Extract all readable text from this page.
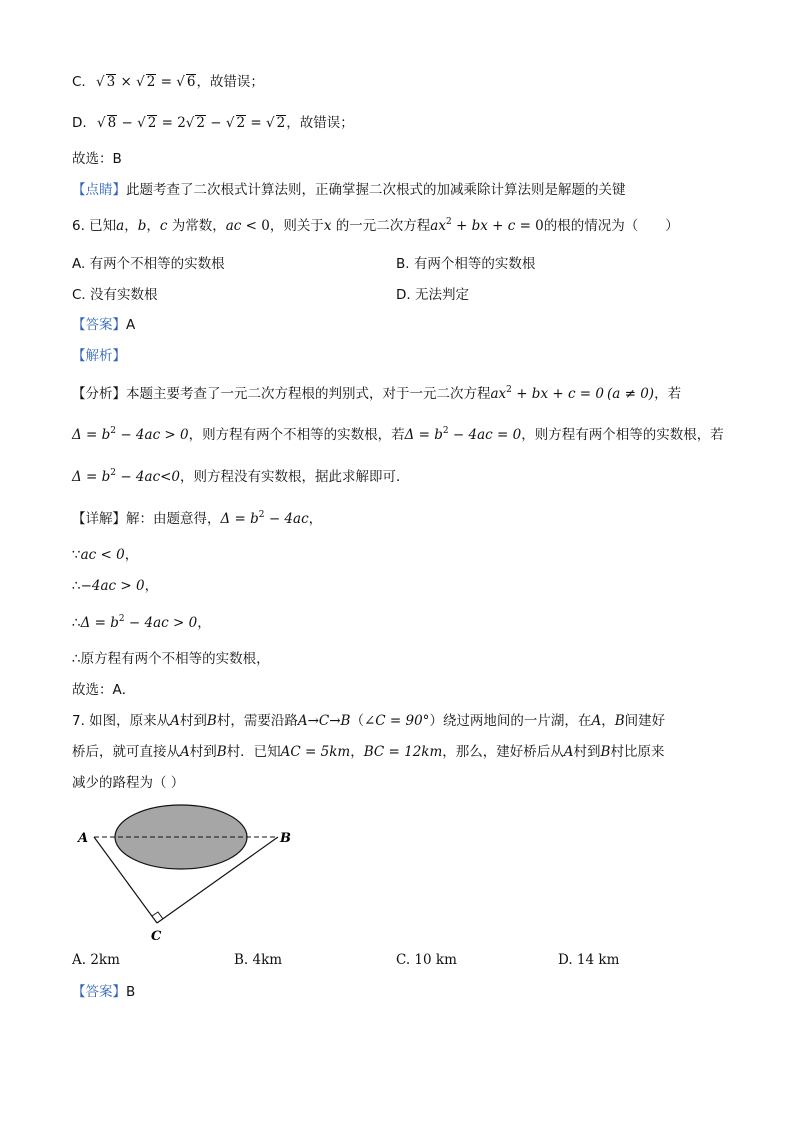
C. √ 3 × √ 2 = √ 6，故错误；
D. √ 8 − √ 2 = 2√ 2 − √ 2 = √ 2，故错误；
故选：B
【点睛】此题考查了二次根式计算法则，正确掌握二次根式的加减乘除计算法则是解题的关键
6. 已知a，b，c 为常数，ac < 0，则关于x 的一元二次方程$ax^2$ + bx + c = 0的根的情况为（　　）
A. 有两个不相等的实数根	B. 有两个相等的实数根
C. 没有实数根	D. 无法判定
【答案】A
【解析】
【分析】本题主要考查了一元二次方程根的判别式，对于一元二次方程$ax^2$ + bx + c = 0 (a ≠ 0)，若
$\Delta = b^2 - 4ac > 0$，则方程有两个不相等的实数根，若$\Delta = b^2 - 4ac = 0$，则方程有两个相等的实数根，若
$\Delta = b^2 - 4ac<0$，则方程没有实数根，据此求解即可．
【详解】解：由题意得，$\Delta = b^2 - 4ac$，
∵ac < 0，
∴−4ac > 0，
∴Δ = $b^2 - 4ac > 0$，
∴原方程有两个不相等的实数根，
故选：A．
7. 如图，原来从A村到B村，需要沿路A→C→B（∠C = 90°）绕过两地间的一片湖，在A，B间建好
桥后，就可直接从A村到B村．已知AC = 5km，BC = 12km，那么，建好桥后从A村到B村比原来
减少的路程为（ ）
A	B
C
A. 2km	B. 4km	C. 10 km	D. 14 km
【答案】B
